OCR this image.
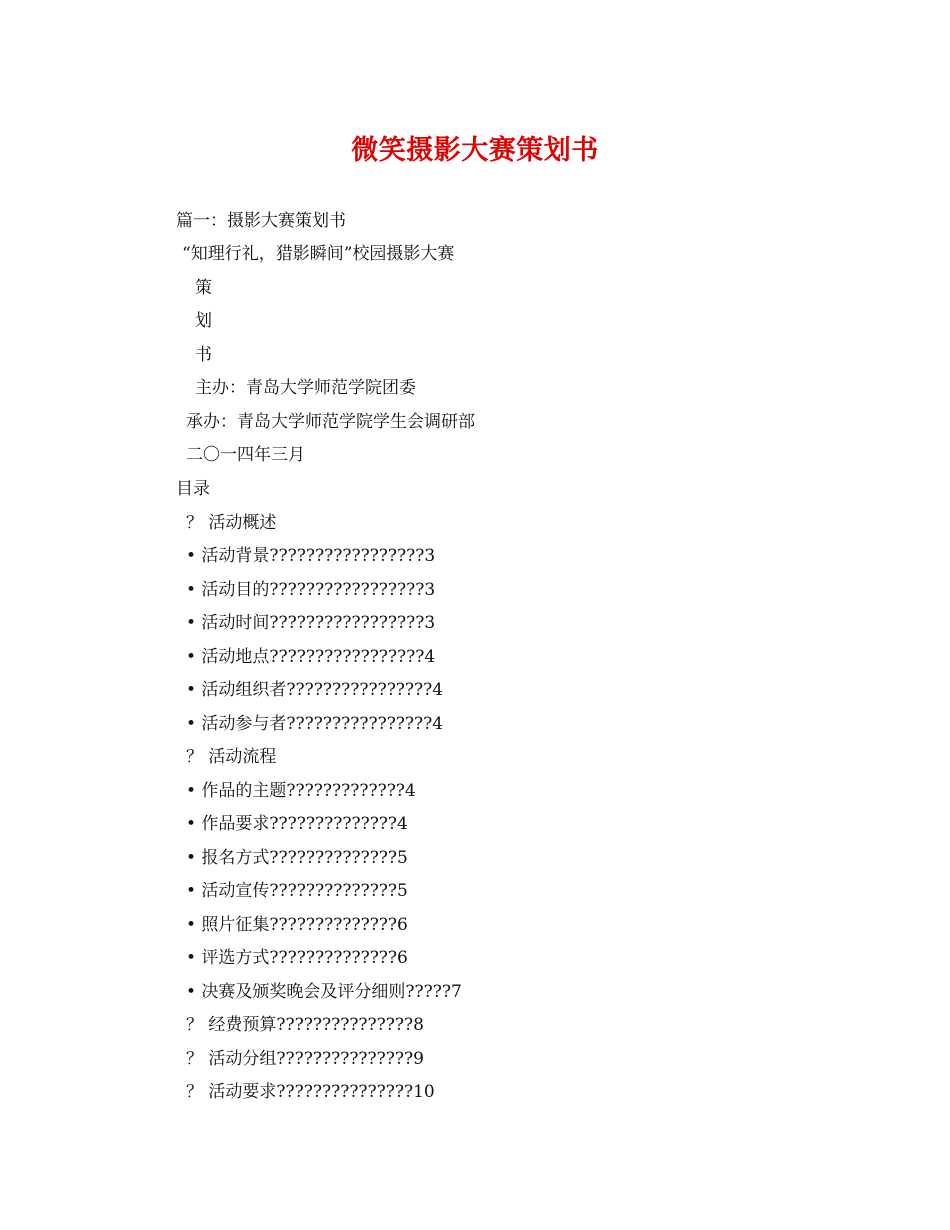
微笑摄影大赛策划书
篇一：摄影大赛策划书
“知理行礼，猎影瞬间”校园摄影大赛
策
划
书
主办：青岛大学师范学院团委
承办：青岛大学师范学院学生会调研部
二〇一四年三月
目录
？ 活动概述
• 活动背景?????????????????3
• 活动目的?????????????????3
• 活动时间?????????????????3
• 活动地点?????????????????4
• 活动组织者????????????????4
• 活动参与者????????????????4
？ 活动流程
• 作品的主题?????????????4
• 作品要求??????????????4
• 报名方式??????????????5
• 活动宣传??????????????5
• 照片征集??????????????6
• 评选方式??????????????6
• 决赛及颁奖晚会及评分细则?????7
？ 经费预算???????????????8
？ 活动分组???????????????9
？ 活动要求???????????????10
